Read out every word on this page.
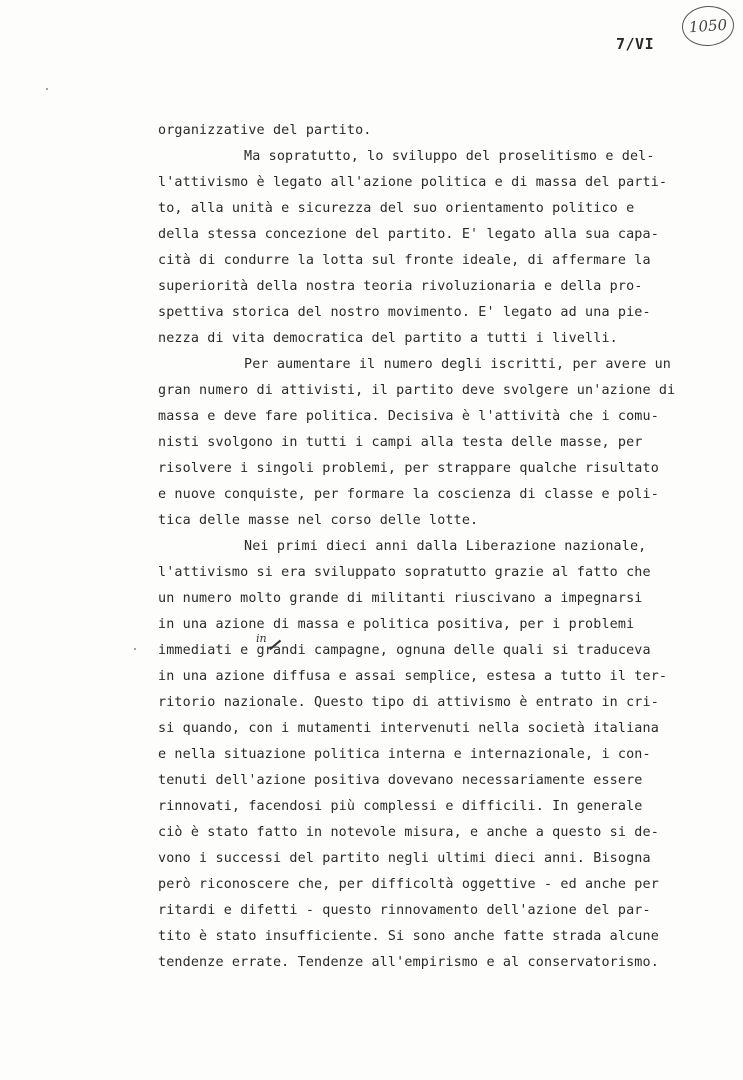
1050
7/VI
in
organizzative del partito.
Ma sopratutto, lo sviluppo del proselitismo e del-
l'attivismo è legato all'azione politica e di massa del parti-
to, alla unità e sicurezza del suo orientamento politico e
della stessa concezione del partito. E' legato alla sua capa-
cità di condurre la lotta sul fronte ideale, di affermare la
superiorità della nostra teoria rivoluzionaria e della pro-
spettiva storica del nostro movimento. E' legato ad una pie-
nezza di vita democratica del partito a tutti i livelli.
Per aumentare il numero degli iscritti, per avere un
gran numero di attivisti, il partito deve svolgere un'azione di
massa e deve fare politica. Decisiva è l'attività che i comu-
nisti svolgono in tutti i campi alla testa delle masse, per
risolvere i singoli problemi, per strappare qualche risultato
e nuove conquiste, per formare la coscienza di classe e poli-
tica delle masse nel corso delle lotte.
Nei primi dieci anni dalla Liberazione nazionale,
l'attivismo si era sviluppato sopratutto grazie al fatto che
un numero molto grande di militanti riuscivano a impegnarsi
in una azione di massa e politica positiva, per i problemi
immediati e grandi campagne, ognuna delle quali si traduceva
in una azione diffusa e assai semplice, estesa a tutto il ter-
ritorio nazionale. Questo tipo di attivismo è entrato in cri-
si quando, con i mutamenti intervenuti nella società italiana
e nella situazione politica interna e internazionale, i con-
tenuti dell'azione positiva dovevano necessariamente essere
rinnovati, facendosi più complessi e difficili. In generale
ciò è stato fatto in notevole misura, e anche a questo si de-
vono i successi del partito negli ultimi dieci anni. Bisogna
però riconoscere che, per difficoltà oggettive - ed anche per
ritardi e difetti - questo rinnovamento dell'azione del par-
tito è stato insufficiente. Si sono anche fatte strada alcune
tendenze errate. Tendenze all'empirismo e al conservatorismo.
